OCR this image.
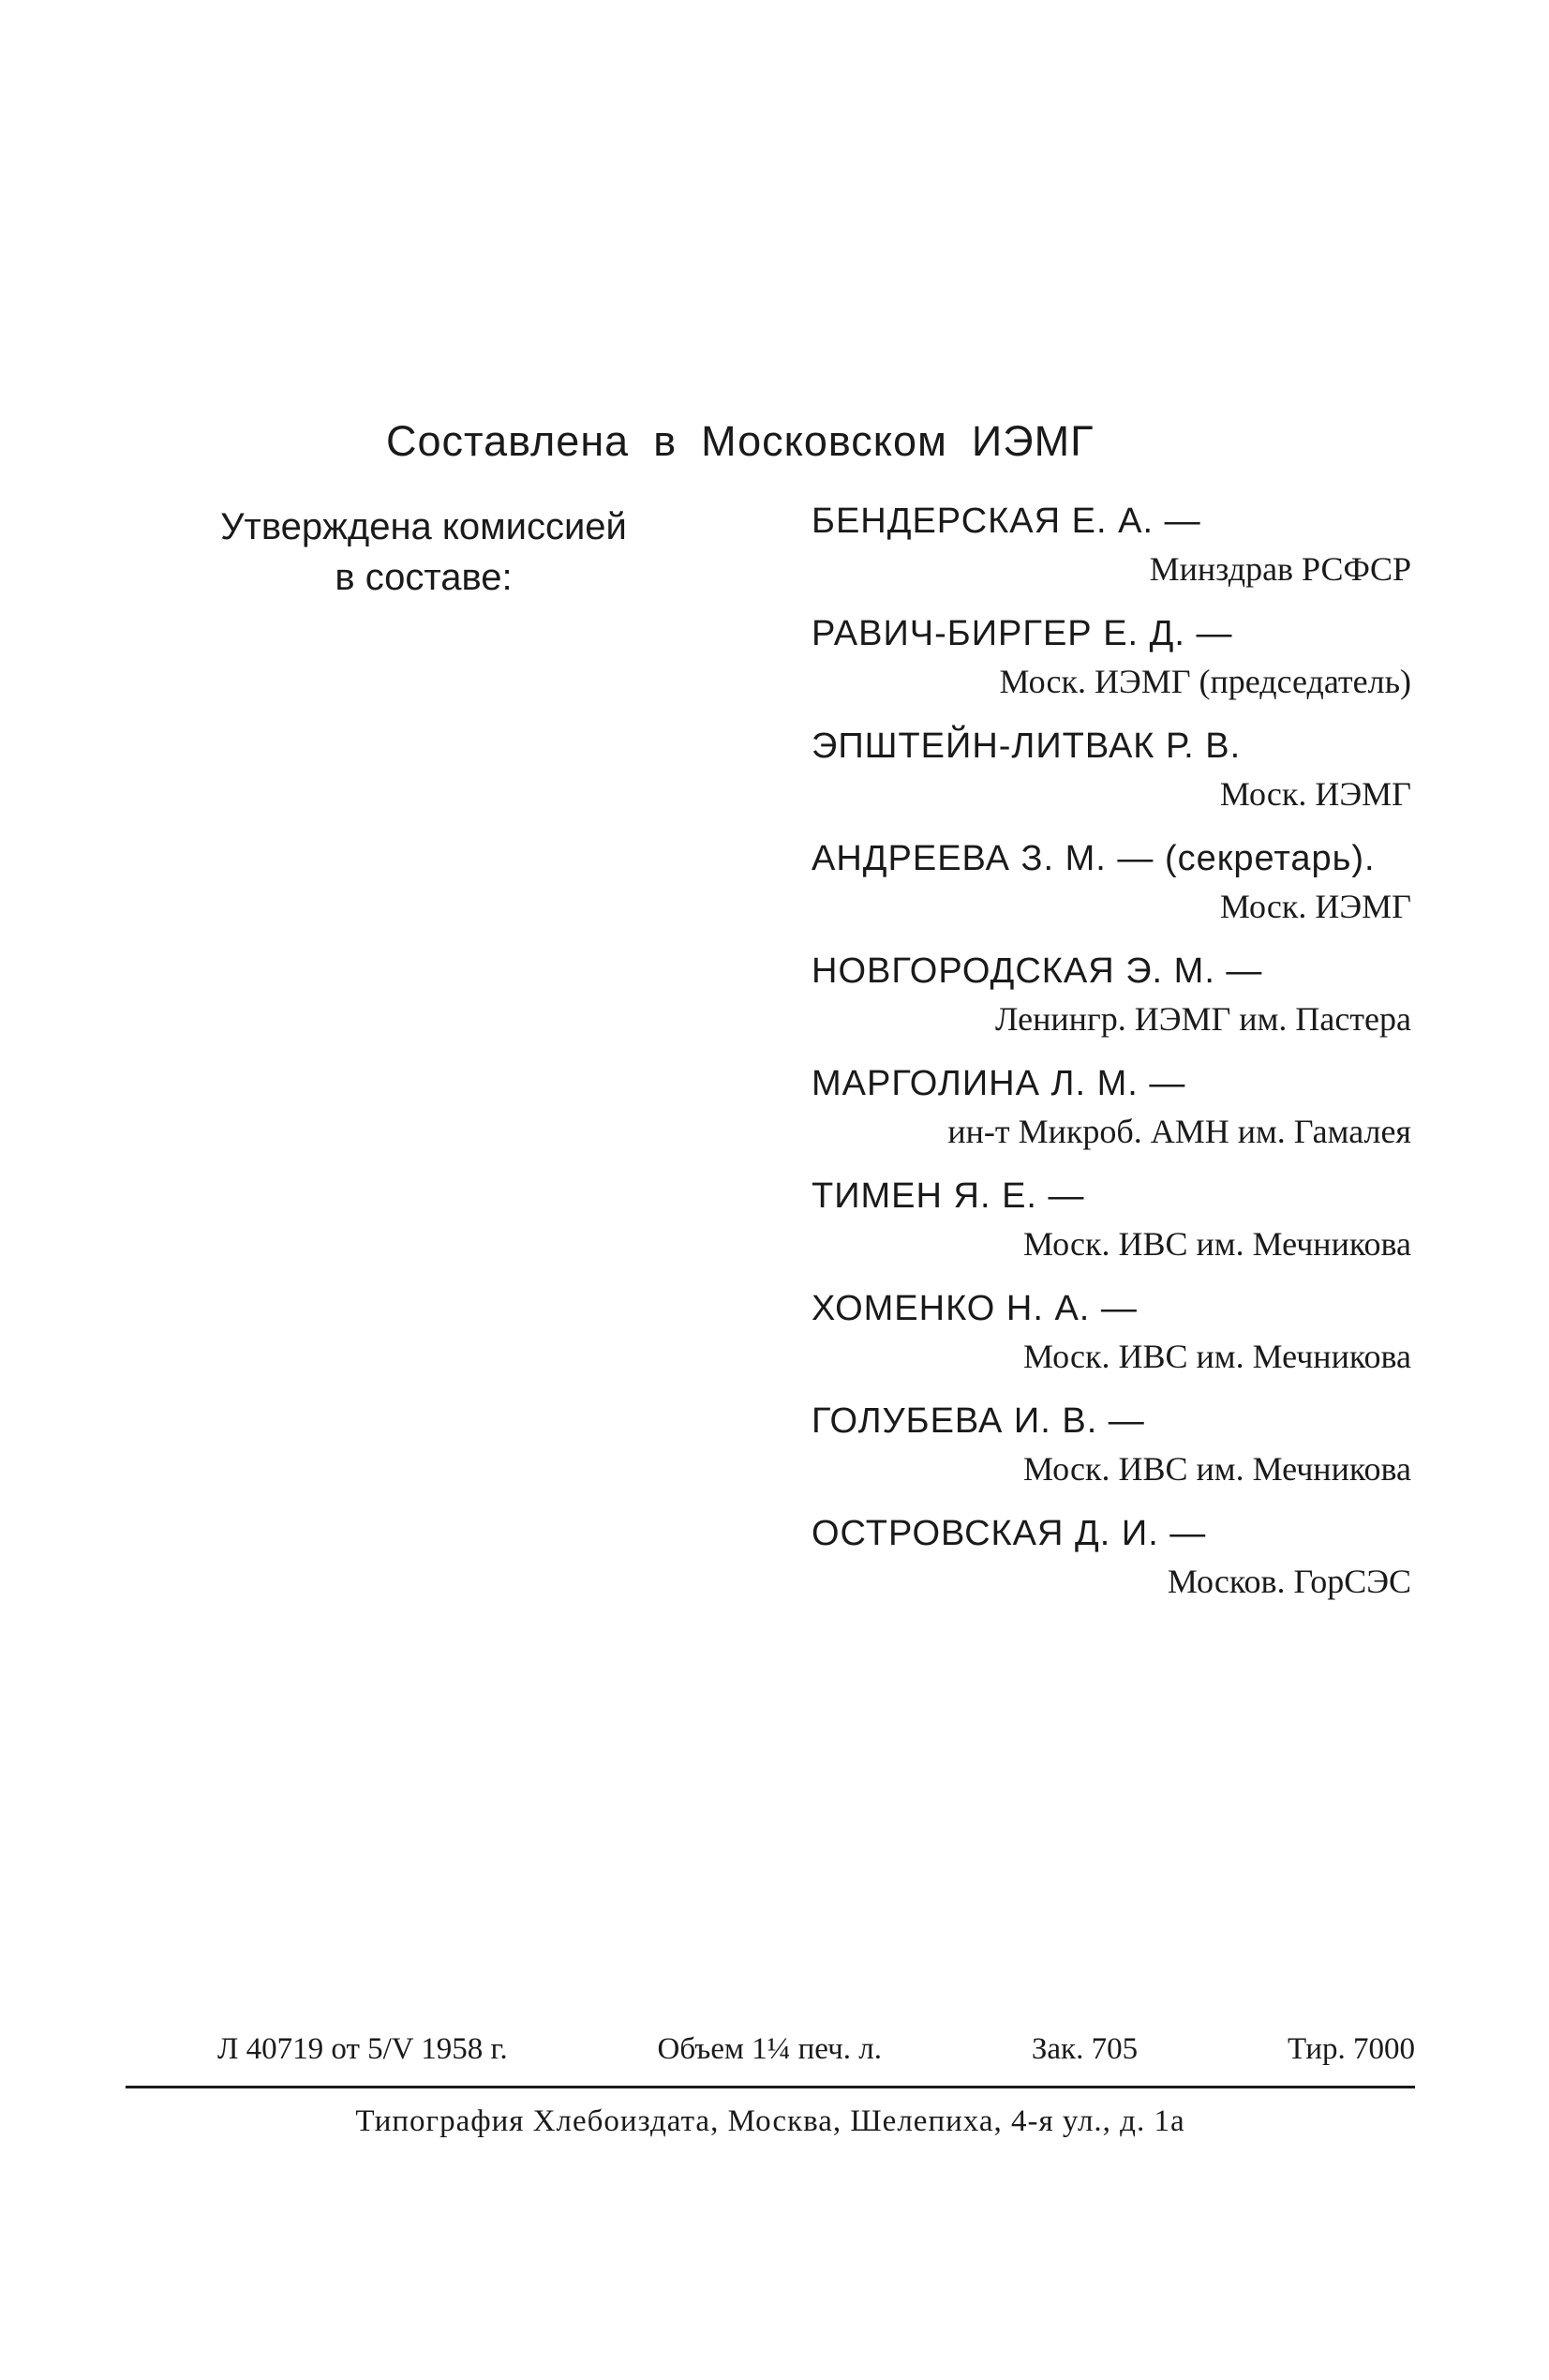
Составлена в Московском ИЭМГ
Утверждена комиссией
в составе:
БЕНДЕРСКАЯ Е. А. —
Минздрав РСФСР
РАВИЧ-БИРГЕР Е. Д. —
Моск. ИЭМГ (председатель)
ЭПШТЕЙН-ЛИТВАК Р. В.
Моск. ИЭМГ
АНДРЕЕВА З. М. — (секретарь).
Моск. ИЭМГ
НОВГОРОДСКАЯ Э. М. —
Ленингр. ИЭМГ им. Пастера
МАРГОЛИНА Л. М. —
ин-т Микроб. АМН им. Гамалея
ТИМЕН Я. Е. —
Моск. ИВС им. Мечникова
ХОМЕНКО Н. А. —
Моск. ИВС им. Мечникова
ГОЛУБЕВА И. В. —
Моск. ИВС им. Мечникова
ОСТРОВСКАЯ Д. И. —
Москов. ГорСЭС
Л 40719 от 5/V 1958 г.	Объем 1¼ печ. л.	Зак. 705	Тир. 7000
Типография Хлебоиздата, Москва, Шелепиха, 4-я ул., д. 1а
